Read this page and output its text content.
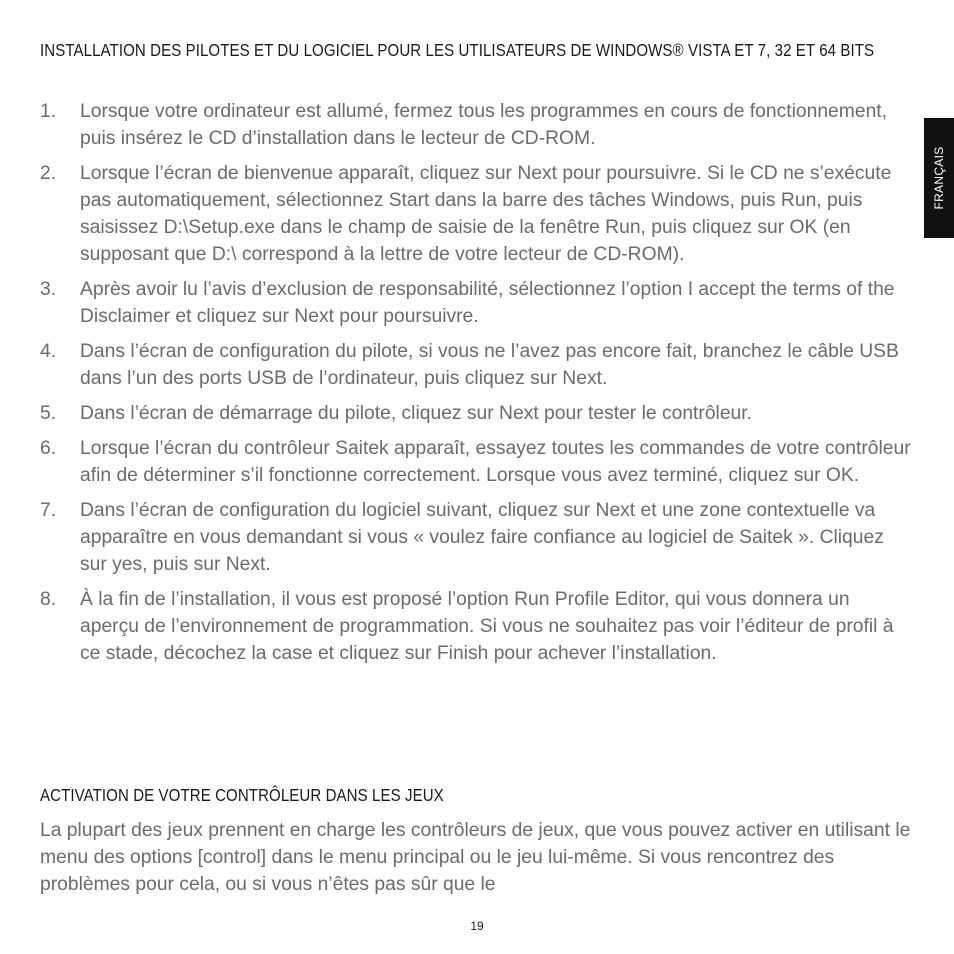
INSTALLATION DES PILOTES ET DU LOGICIEL POUR LES UTILISATEURS DE WINDOWS® VISTA ET 7, 32 ET 64 BITS
1. Lorsque votre ordinateur est allumé, fermez tous les programmes en cours de fonctionnement, puis insérez le CD d’installation dans le lecteur de CD-ROM.
2. Lorsque l’écran de bienvenue apparaît, cliquez sur Next pour poursuivre. Si le CD ne s’exécute pas automatiquement, sélectionnez Start dans la barre des tâches Windows, puis Run, puis saisissez D:\Setup.exe dans le champ de saisie de la fenêtre Run, puis cliquez sur OK (en supposant que D:\ correspond à la lettre de votre lecteur de CD-ROM).
3. Après avoir lu l’avis d’exclusion de responsabilité, sélectionnez l’option I accept the terms of the Disclaimer et cliquez sur Next pour poursuivre.
4. Dans l’écran de configuration du pilote, si vous ne l’avez pas encore fait, branchez le câble USB dans l’un des ports USB de l’ordinateur, puis cliquez sur Next.
5. Dans l’écran de démarrage du pilote, cliquez sur Next pour tester le contrôleur.
6. Lorsque l’écran du contrôleur Saitek apparaît, essayez toutes les commandes de votre contrôleur afin de déterminer s’il fonctionne correctement. Lorsque vous avez terminé, cliquez sur OK.
7. Dans l’écran de configuration du logiciel suivant, cliquez sur Next et une zone contextuelle va apparaître en vous demandant si vous « voulez faire confiance au logiciel de Saitek ». Cliquez sur yes, puis sur Next.
8. À la fin de l’installation, il vous est proposé l’option Run Profile Editor, qui vous donnera un aperçu de l’environnement de programmation. Si vous ne souhaitez pas voir l’éditeur de profil à ce stade, décochez la case et cliquez sur Finish pour achever l’installation.
ACTIVATION DE VOTRE CONTRÔLEUR DANS LES JEUX

La plupart des jeux prennent en charge les contrôleurs de jeux, que vous pouvez activer en utilisant le menu des options [control] dans le menu principal ou le jeu lui-même. Si vous rencontrez des problèmes pour cela, ou si vous n’êtes pas sûr que le

FRANÇAIS
19
